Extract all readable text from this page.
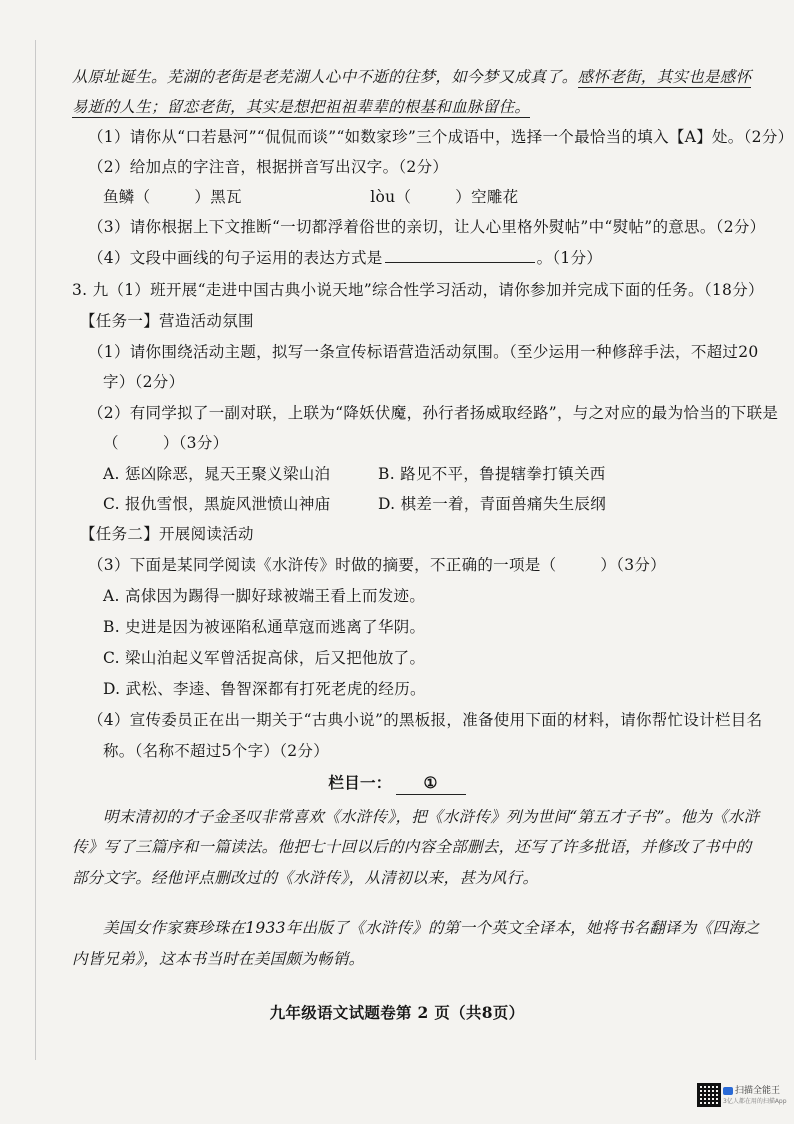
从原址诞生。芜湖的老街是老芜湖人心中不逝的往梦，如今梦又成真了。感怀老街，其实也是感怀
易逝的人生；留恋老街，其实是想把祖祖辈辈的根基和血脉留住。
（1）请你从“口若悬河”“侃侃而谈”“如数家珍”三个成语中，选择一个最恰当的填入【A】处。（2分）
（2）给加点的字注音，根据拼音写出汉字。（2分）
鱼鳞（	）黑瓦	lòu（	）空雕花
（3）请你根据上下文推断“一切都浮着俗世的亲切，让人心里格外熨帖”中“熨帖”的意思。（2分）
（4）文段中画线的句子运用的表达方式是	。（1分）
3. 九（1）班开展“走进中国古典小说天地”综合性学习活动，请你参加并完成下面的任务。（18分）
【任务一】营造活动氛围
（1）请你围绕活动主题，拟写一条宣传标语营造活动氛围。（至少运用一种修辞手法，不超过20
字）（2分）
（2）有同学拟了一副对联，上联为“降妖伏魔，孙行者扬威取经路”，与之对应的最为恰当的下联是
（	）（3分）
A. 惩凶除恶，晁天王聚义梁山泊	B. 路见不平，鲁提辖拳打镇关西
C. 报仇雪恨，黑旋风泄愤山神庙	D. 棋差一着，青面兽痛失生辰纲
【任务二】开展阅读活动
（3）下面是某同学阅读《水浒传》时做的摘要，不正确的一项是（	）（3分）
A. 高俅因为踢得一脚好球被端王看上而发迹。
B. 史进是因为被诬陷私通草寇而逃离了华阴。
C. 梁山泊起义军曾活捉高俅，后又把他放了。
D. 武松、李逵、鲁智深都有打死老虎的经历。
（4）宣传委员正在出一期关于“古典小说”的黑板报，准备使用下面的材料，请你帮忙设计栏目名
称。（名称不超过5个字）（2分）
栏目一： ①
明末清初的才子金圣叹非常喜欢《水浒传》，把《水浒传》列为世间“第五才子书”。他为《水浒
传》写了三篇序和一篇读法。他把七十回以后的内容全部删去，还写了许多批语，并修改了书中的
部分文字。经他评点删改过的《水浒传》，从清初以来，甚为风行。
美国女作家赛珍珠在1933年出版了《水浒传》的第一个英文全译本，她将书名翻译为《四海之
内皆兄弟》，这本书当时在美国颇为畅销。
九年级语文试题卷第 2 页（共8页）
扫描全能王
3亿人都在用的扫描App
